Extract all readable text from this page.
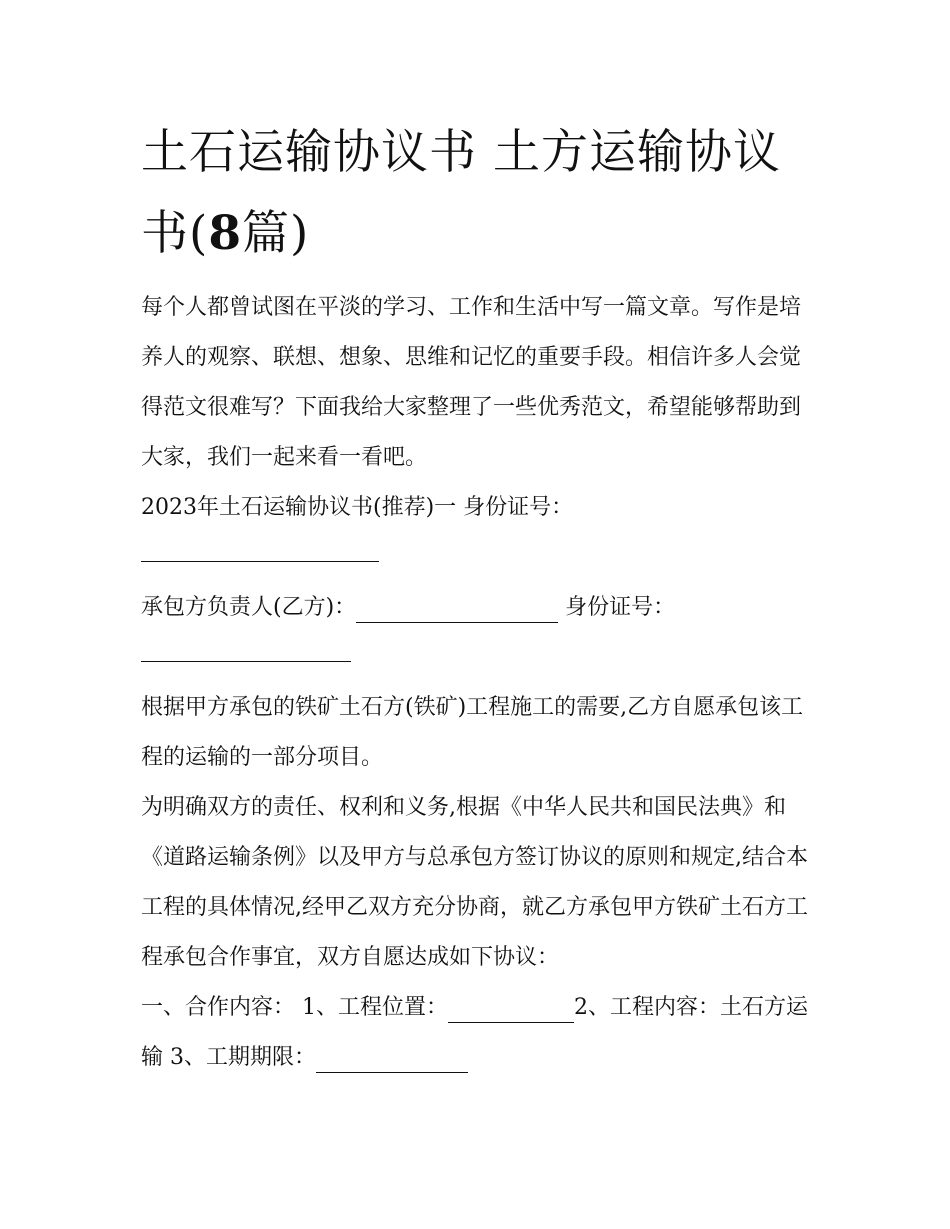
土石运输协议书 土方运输协议书(8篇)

每个人都曾试图在平淡的学习、工作和生活中写一篇文章。写作是培养人的观察、联想、想象、思维和记忆的重要手段。相信许多人会觉得范文很难写？下面我给大家整理了一些优秀范文，希望能够帮助到大家，我们一起来看一看吧。

2023年土石运输协议书(推荐)一 身份证号：

承包方负责人(乙方)：	身份证号：

根据甲方承包的铁矿土石方(铁矿)工程施工的需要,乙方自愿承包该工程的运输的一部分项目。

为明确双方的责任、权利和义务,根据《中华人民共和国民法典》和《道路运输条例》以及甲方与总承包方签订协议的原则和规定,结合本工程的具体情况,经甲乙双方充分协商，就乙方承包甲方铁矿土石方工程承包合作事宜，双方自愿达成如下协议：

一、合作内容： 1、工程位置：	2、工程内容：土石方运输 3、工期期限：
